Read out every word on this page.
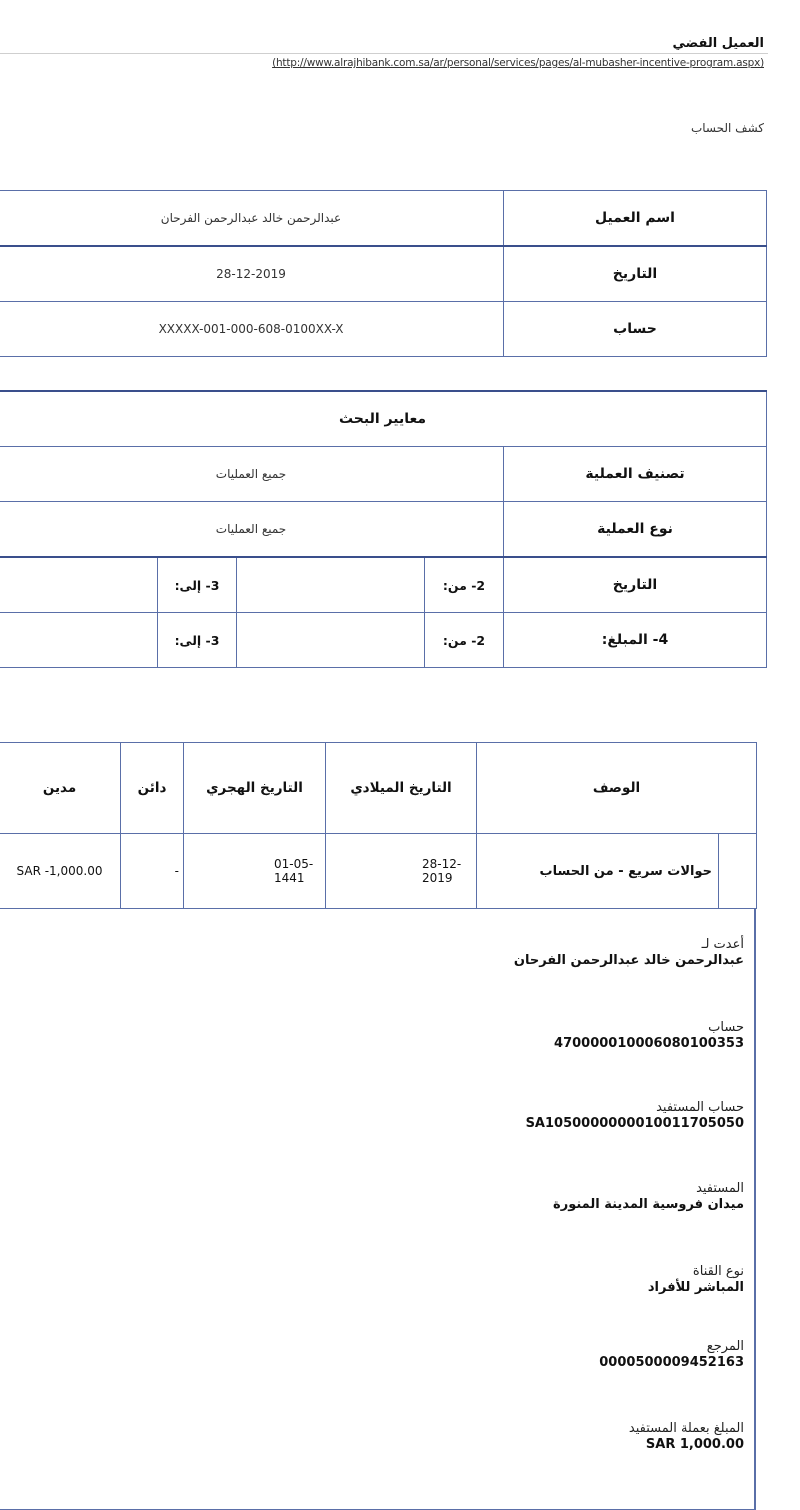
العميل الفضي
(http://www.alrajhibank.com.sa/ar/personal/services/pages/al-mubasher-incentive-program.aspx)
كشف الحساب
عبدالرحمن خالد عبدالرحمن الفرحان	اسم العميل
28-12-2019	التاريخ
XXXXX-001-000-608-0100XX-X	حساب
معايير البحث				
جميع العمليات				تصنيف العملية
جميع العمليات				نوع العملية
	3- إلى:		2- من:	التاريخ
	3- إلى:		2- من:	4- المبلغ:
مدين	دائن	التاريخ الهجري	التاريخ الميلادي	الوصف	
SAR -1,000.00	-	01-05-1441	28-12-2019	حوالات سريع - من الحساب	
أعدت لـ
عبدالرحمن خالد عبدالرحمن الفرحان
حساب
470000010006080100353
حساب المستفيد
SA1050000000010011705050
المستفيد
ميدان فروسية المدينة المنورة
نوع القناة
المباشر للأفراد
المرجع
0000500009452163
المبلغ بعملة المستفيد
SAR 1,000.00
